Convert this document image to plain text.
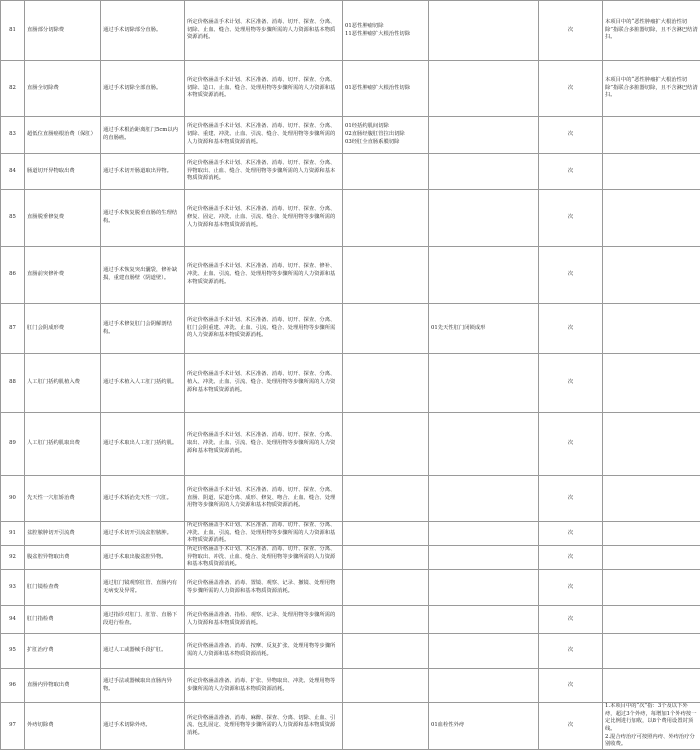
81	直肠部分切除费	通过手术切除部分直肠。	所定价格涵盖手术计划、术区准备、消毒、切开、探查、分离、切除、止血、缝合、处理用物等步骤所需的人力资源和基本物质资源消耗。	01恶性肿瘤切除
11恶性肿瘤扩大根治性切除		次	本项目中的“恶性肿瘤扩大根治性切除”指联合多脏器切除，且不含淋巴结清扫。
82	直肠全切除费	通过手术切除全部直肠。	所定价格涵盖手术计划、术区准备、消毒、切开、探查、分离、切除、造口、止血、缝合、处理用物等步骤所需的人力资源和基本物质资源消耗。	01恶性肿瘤扩大根治性切除		次	本项目中的“恶性肿瘤扩大根治性切除”指联合多脏器切除，且不含淋巴结清扫。
83	超低位直肠癌根治费（保肛）	通过手术根治距离肛门5cm以内的直肠癌。	所定价格涵盖手术计划、术区准备、消毒、切开、探查、分离、切除、重建、冲洗、止血、引流、缝合、处理用物等步骤所需的人力资源和基本物质资源消耗。	01经括约肌间切除
02直肠经腹肛管拉出切除
03经肛全直肠系膜切除		次	
84	肠道切开异物取出费	通过手术切开肠道取出异物。	所定价格涵盖手术计划、术区准备、消毒、切开、探查、分离、异物取出、止血、缝合、处理用物等步骤所需的人力资源和基本物质资源消耗。			次	
85	直肠脱垂修复费	通过手术恢复脱垂直肠的生理结构。	所定价格涵盖手术计划、术区准备、消毒、切开、探查、分离、修复、固定、冲洗、止血、引流、缝合、处理用物等步骤所需的人力资源和基本物质资源消耗。			次	
86	直肠前突修补费	通过手术恢复突出囊袋，修补缺损，重建直肠壁（阴道壁）。	所定价格涵盖手术计划、术区准备、消毒、切开、探查、修补、冲洗、止血、引流、缝合、处理用物等步骤所需的人力资源和基本物质资源消耗。			次	
87	肛门会阴成形费	通过手术修复肛门会阴解剖结构。	所定价格涵盖手术计划、术区准备、消毒、切开、探查、分离、肛门会阴重建、冲洗、止血、引流、缝合、处理用物等步骤所需的人力资源和基本物质资源消耗。		01先天性肛门闭锁成形	次	
88	人工肛门括约肌植入费	通过手术植入人工肛门括约肌。	所定价格涵盖手术计划、术区准备、消毒、切开、探查、分离、植入、冲洗、止血、引流、缝合、处理用物等步骤所需的人力资源和基本物质资源消耗。			次	
89	人工肛门括约肌取出费	通过手术取出人工肛门括约肌。	所定价格涵盖手术计划、术区准备、消毒、切开、探查、分离、取出、冲洗、止血、引流、缝合、处理用物等步骤所需的人力资源和基本物质资源消耗。			次	
90	先天性一穴肛矫治费	通过手术矫治先天性一穴肛。	所定价格涵盖手术计划、术区准备、消毒、切开、探查、分离、直肠、阴道、尿道分离、成形、修复、吻合、止血、缝合、处理用物等步骤所需的人力资源和基本物质资源消耗。			次	
91	盆腔脓肿切开引流费	通过手术切开引流盆腔脓肿。	所定价格涵盖手术计划、术区准备、消毒、切开、探查、分离、冲洗、止血、引流、缝合、处理用物等步骤所需的人力资源和基本物质资源消耗。			次	
92	腹盆腔异物取出费	通过手术取出腹盆腔异物。	所定价格涵盖手术计划、术区准备、消毒、切开、探查、分离、异物取出、冲洗、止血、缝合、处理用物等步骤所需的人力资源和基本物质资源消耗。			次	
93	肛门镜检查费	通过肛门镜观察肛管、直肠内有无病变及异常。	所定价格涵盖准备、消毒、置镜、观察、记录、撤镜、处理用物等步骤所需的人力资源和基本物质资源消耗。			次	
94	肛门指检费	通过指诊对肛门、肛管、直肠下段进行检查。	所定价格涵盖准备、指检、观察、记录、处理用物等步骤所需的人力资源和基本物质资源消耗。			次	
95	扩肛治疗费	通过人工或器械手段扩肛。	所定价格涵盖准备、消毒、按摩、反复扩张、处理用物等步骤所需的人力资源和基本物质资源消耗。			次	
96	直肠内异物取出费	通过手法或器械取出直肠内异物。	所定价格涵盖准备、消毒、扩张、异物取出、冲洗、处理用物等步骤所需的人力资源和基本物质资源消耗。			次	
97	外痔切除费	通过手术切除外痔。	所定价格涵盖准备、消毒、麻醉、探查、分离、切除、止血、引流、包扎固定、处理用物等步骤所需的人力资源和基本物质资源消耗。		01血栓性外痔	次	1.本项目中的“次”指：3个及以下外痔，超过3个外痔，每增加1个外痔按一定比例进行加收，以8个费用设置封顶线。
2.混合痔治疗可按照内痔、外痔治疗分别收费。
